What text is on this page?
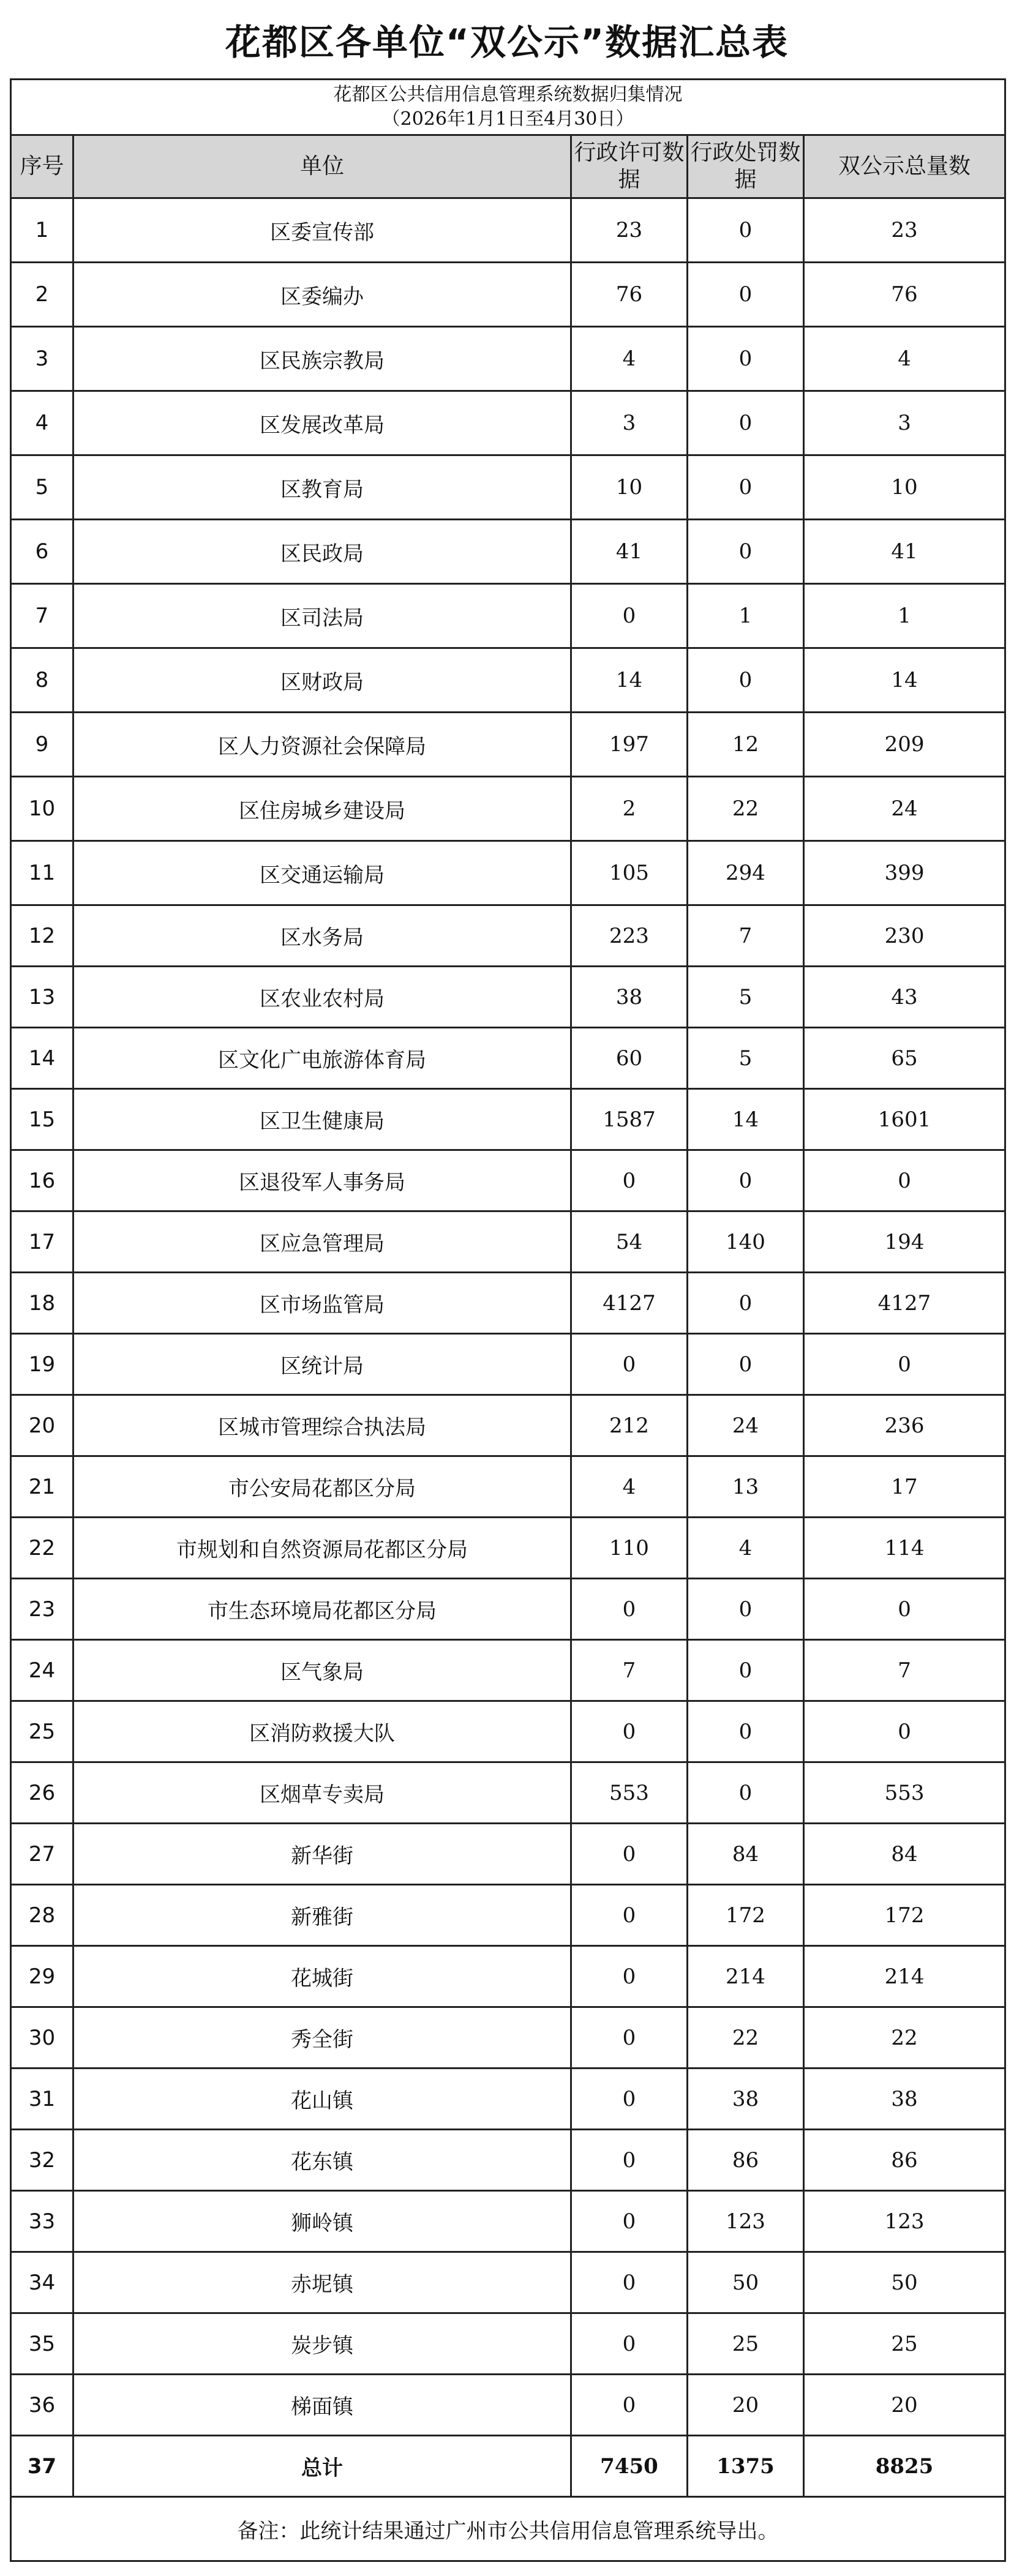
花都区各单位“双公示”数据汇总表
花都区公共信用信息管理系统数据归集情况
（2026年1月1日至4月30日）				

序号	单位	行政许可数据	行政处罚数据	双公示总量数
1	区委宣传部	23	0	23
2	区委编办	76	0	76
3	区民族宗教局	4	0	4
4	区发展改革局	3	0	3
5	区教育局	10	0	10
6	区民政局	41	0	41
7	区司法局	0	1	1
8	区财政局	14	0	14
9	区人力资源社会保障局	197	12	209
10	区住房城乡建设局	2	22	24
11	区交通运输局	105	294	399
12	区水务局	223	7	230
13	区农业农村局	38	5	43
14	区文化广电旅游体育局	60	5	65
15	区卫生健康局	1587	14	1601
16	区退役军人事务局	0	0	0
17	区应急管理局	54	140	194
18	区市场监管局	4127	0	4127
19	区统计局	0	0	0
20	区城市管理综合执法局	212	24	236
21	市公安局花都区分局	4	13	17
22	市规划和自然资源局花都区分局	110	4	114
23	市生态环境局花都区分局	0	0	0
24	区气象局	7	0	7
25	区消防救援大队	0	0	0
26	区烟草专卖局	553	0	553
27	新华街	0	84	84
28	新雅街	0	172	172
29	花城街	0	214	214
30	秀全街	0	22	22
31	花山镇	0	38	38
32	花东镇	0	86	86
33	狮岭镇	0	123	123
34	赤坭镇	0	50	50
35	炭步镇	0	25	25
36	梯面镇	0	20	20
37	总计	7450	1375	8825
备注：此统计结果通过广州市公共信用信息管理系统导出。				
